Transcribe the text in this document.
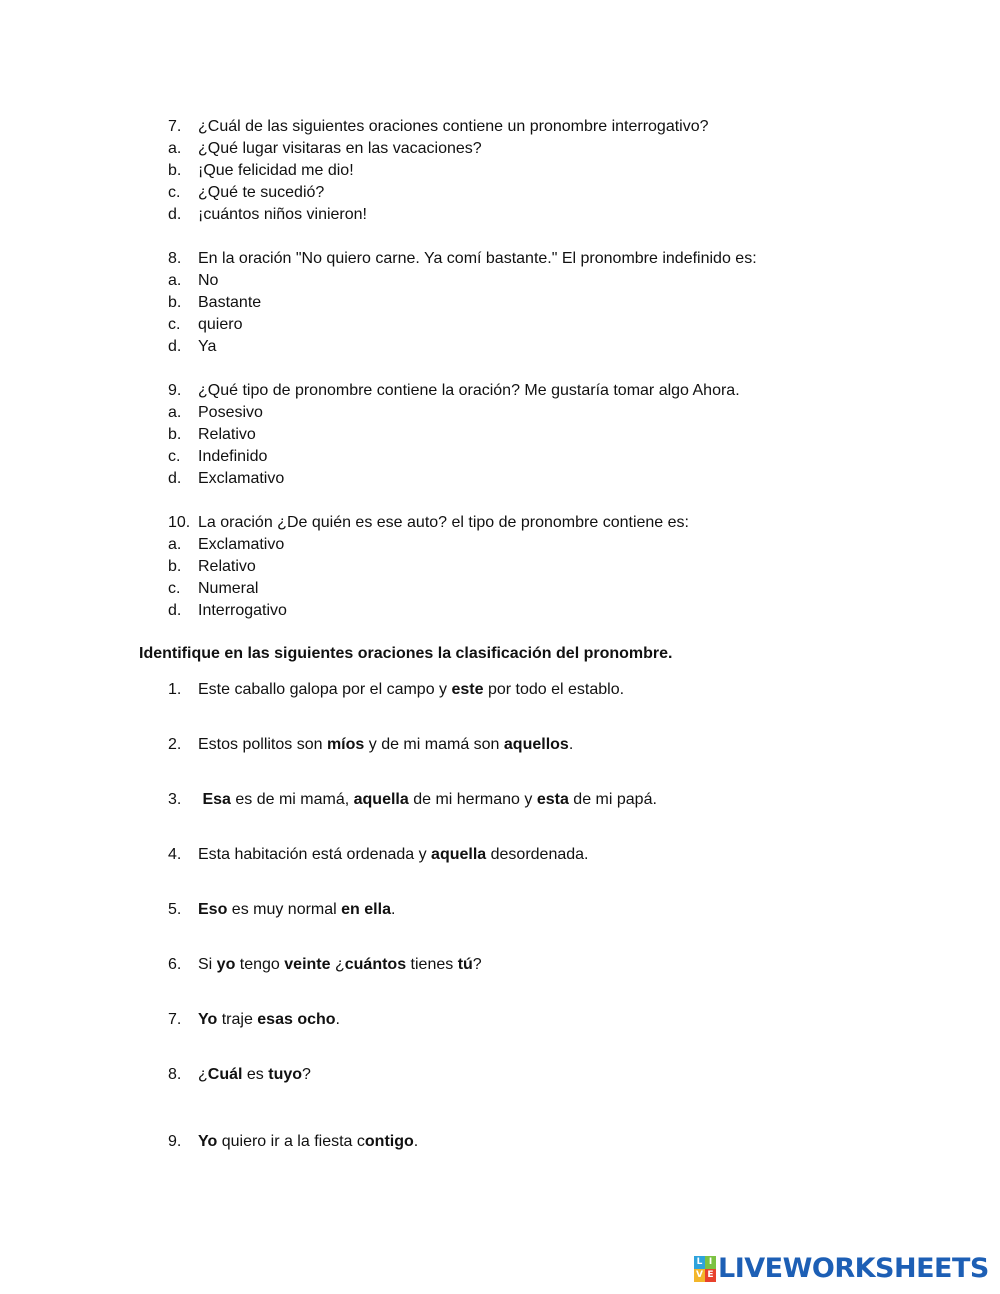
7. ¿Cuál de las siguientes oraciones contiene un pronombre interrogativo?
a. ¿Qué lugar visitaras en las vacaciones?
b. ¡Que felicidad me dio!
c. ¿Qué te sucedió?
d. ¡cuántos niños vinieron!
8. En la oración "No quiero carne. Ya comí bastante." El pronombre indefinido es:
a. No
b. Bastante
c. quiero
d. Ya
9. ¿Qué tipo de pronombre contiene la oración? Me gustaría tomar algo Ahora.
a. Posesivo
b. Relativo
c. Indefinido
d. Exclamativo
10. La oración ¿De quién es ese auto? el tipo de pronombre contiene es:
a. Exclamativo
b. Relativo
c. Numeral
d. Interrogativo
Identifique en las siguientes oraciones la clasificación del pronombre.
1. Este caballo galopa por el campo y este por todo el establo.
2. Estos pollitos son míos y de mi mamá son aquellos.
3. Esa es de mi mamá, aquella de mi hermano y esta de mi papá.
4. Esta habitación está ordenada y aquella desordenada.
5. Eso es muy normal en ella.
6. Si yo tengo veinte ¿cuántos tienes tú?
7. Yo traje esas ocho.
8. ¿Cuál es tuyo?
9. Yo quiero ir a la fiesta contigo.
L I
V E LIVEWORKSHEETS
